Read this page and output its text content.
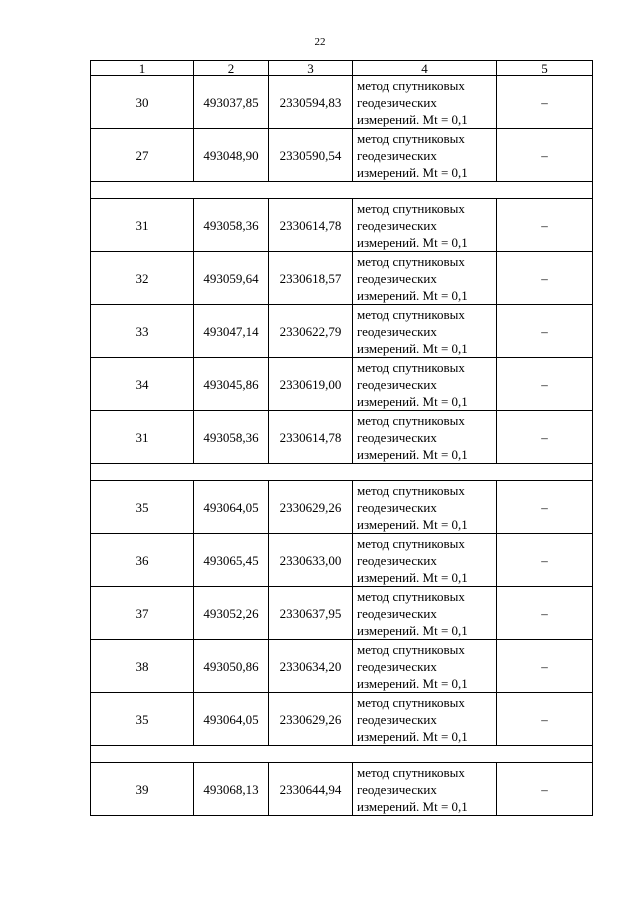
22
1	2	3	4	5
30	493037,85	2330594,83	метод спутниковых
геодезических
измерений. Mt = 0,1	–
27	493048,90	2330590,54	метод спутниковых
геодезических
измерений. Mt = 0,1	–

31	493058,36	2330614,78	метод спутниковых
геодезических
измерений. Mt = 0,1	–
32	493059,64	2330618,57	метод спутниковых
геодезических
измерений. Mt = 0,1	–
33	493047,14	2330622,79	метод спутниковых
геодезических
измерений. Mt = 0,1	–
34	493045,86	2330619,00	метод спутниковых
геодезических
измерений. Mt = 0,1	–
31	493058,36	2330614,78	метод спутниковых
геодезических
измерений. Mt = 0,1	–

35	493064,05	2330629,26	метод спутниковых
геодезических
измерений. Mt = 0,1	–
36	493065,45	2330633,00	метод спутниковых
геодезических
измерений. Mt = 0,1	–
37	493052,26	2330637,95	метод спутниковых
геодезических
измерений. Mt = 0,1	–
38	493050,86	2330634,20	метод спутниковых
геодезических
измерений. Mt = 0,1	–
35	493064,05	2330629,26	метод спутниковых
геодезических
измерений. Mt = 0,1	–

39	493068,13	2330644,94	метод спутниковых
геодезических
измерений. Mt = 0,1	–
